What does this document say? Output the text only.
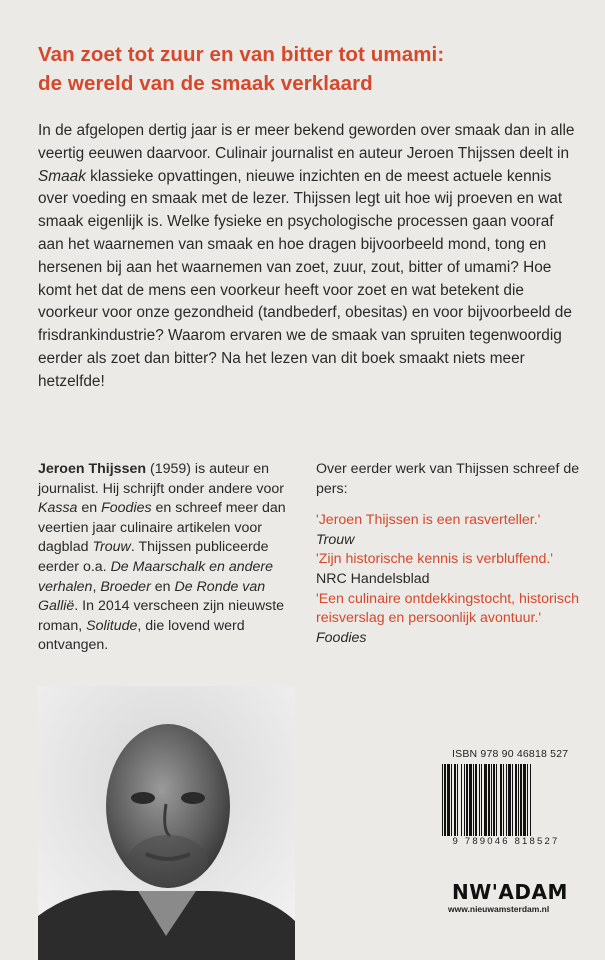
Van zoet tot zuur en van bitter tot umami:
de wereld van de smaak verklaard

In de afgelopen dertig jaar is er meer bekend geworden over smaak dan in alle veertig eeuwen daarvoor. Culinair journalist en auteur Jeroen Thijssen deelt in Smaak klassieke opvattingen, nieuwe inzichten en de meest actuele kennis over voeding en smaak met de lezer. Thijssen legt uit hoe wij proeven en wat smaak eigenlijk is. Welke fysieke en psychologische processen gaan vooraf aan het waarnemen van smaak en hoe dragen bijvoorbeeld mond, tong en hersenen bij aan het waarnemen van zoet, zuur, zout, bitter of umami? Hoe komt het dat de mens een voorkeur heeft voor zoet en wat betekent die voorkeur voor onze gezondheid (tandbederf, obesitas) en voor bijvoorbeeld de frisdrankindustrie? Waarom ervaren we de smaak van spruiten tegenwoordig eerder als zoet dan bitter? Na het lezen van dit boek smaakt niets meer hetzelfde!

Jeroen Thijssen (1959) is auteur en journalist. Hij schrijft onder andere voor Kassa en Foodies en schreef meer dan veertien jaar culinaire artikelen voor dagblad Trouw. Thijssen publiceerde eerder o.a. De Maarschalk en andere verhalen, Broeder en De Ronde van Gallië. In 2014 verscheen zijn nieuwste roman, Solitude, die lovend werd ontvangen.

Over eerder werk van Thijssen schreef de pers:

'Jeroen Thijssen is een rasverteller.'
Trouw

'Zijn historische kennis is verbluffend.'
NRC Handelsblad

'Een culinaire ontdekkingstocht, historisch reisverslag en persoonlijk avontuur.' Foodies

ISBN 978 90 46818 527
9 789046 818527
NW'ADAM
www.nieuwamsterdam.nl
